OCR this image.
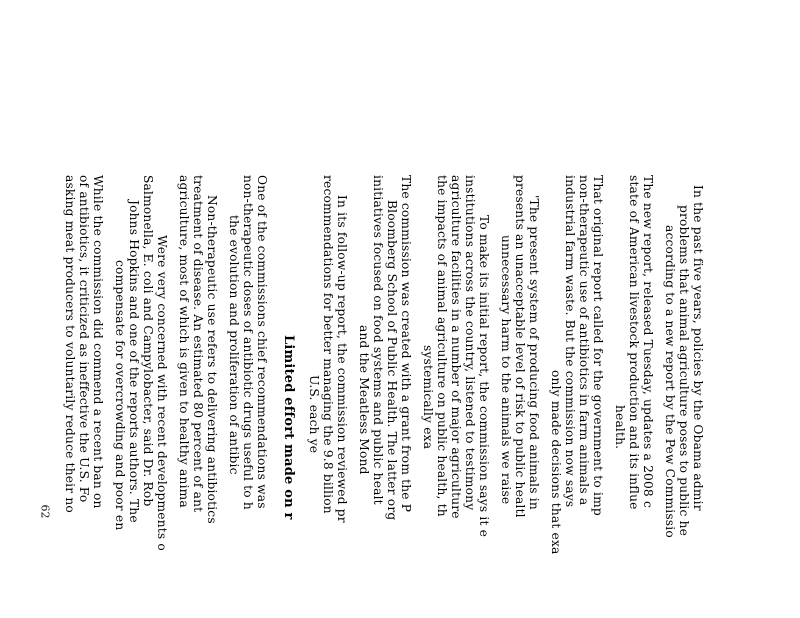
In the past five years, policies by the Obama admir
problems that animal agriculture poses to public he
according to a new report by the Pew Commissio
The new report, released Tuesday, updates a 2008 c
state of American livestock production and its influe
health.
That original report called for the government to imp
non-therapeutic use of antibiotics in farm animals a
industrial farm waste. But the commission now says
only made decisions that exa
'The present system of producing food animals in
presents an unacceptable level of risk to public healtl
unnecessary harm to the animals we raise
To make its initial report, the commission says it e
institutions across the country, listened to testimony
agriculture facilities in a number of major agriculture
the impacts of animal agriculture on public health, th
systemically exa
The commission was created with a grant from the P
Bloomberg School of Public Health. The latter org
initiatives focused on food systems and public healt
and the Meatless Mond
In its follow-up report, the commission reviewed pr
recommendations for better managing the 9.8 billion
U.S. each ye
Limited effort made on r
One of the commissions chief recommendations was
non-therapeutic doses of antibiotic drugs useful to h
the evolution and proliferation of antibic
Non-therapeutic use refers to delivering antibiotics
treatment of disease. An estimated 80 percent of ant
agriculture, most of which is given to healthy anima
Were very concerned with recent developments o
Salmonella, E. coli and Campylobacter, said Dr. Rob
Johns Hopkins and one of the reports authors. The
compensate for overcrowding and poor en
While the commission did commend a recent ban on
of antibiotics, it criticized as ineffective the U.S. Fo
asking meat producers to voluntarily reduce their no
62
